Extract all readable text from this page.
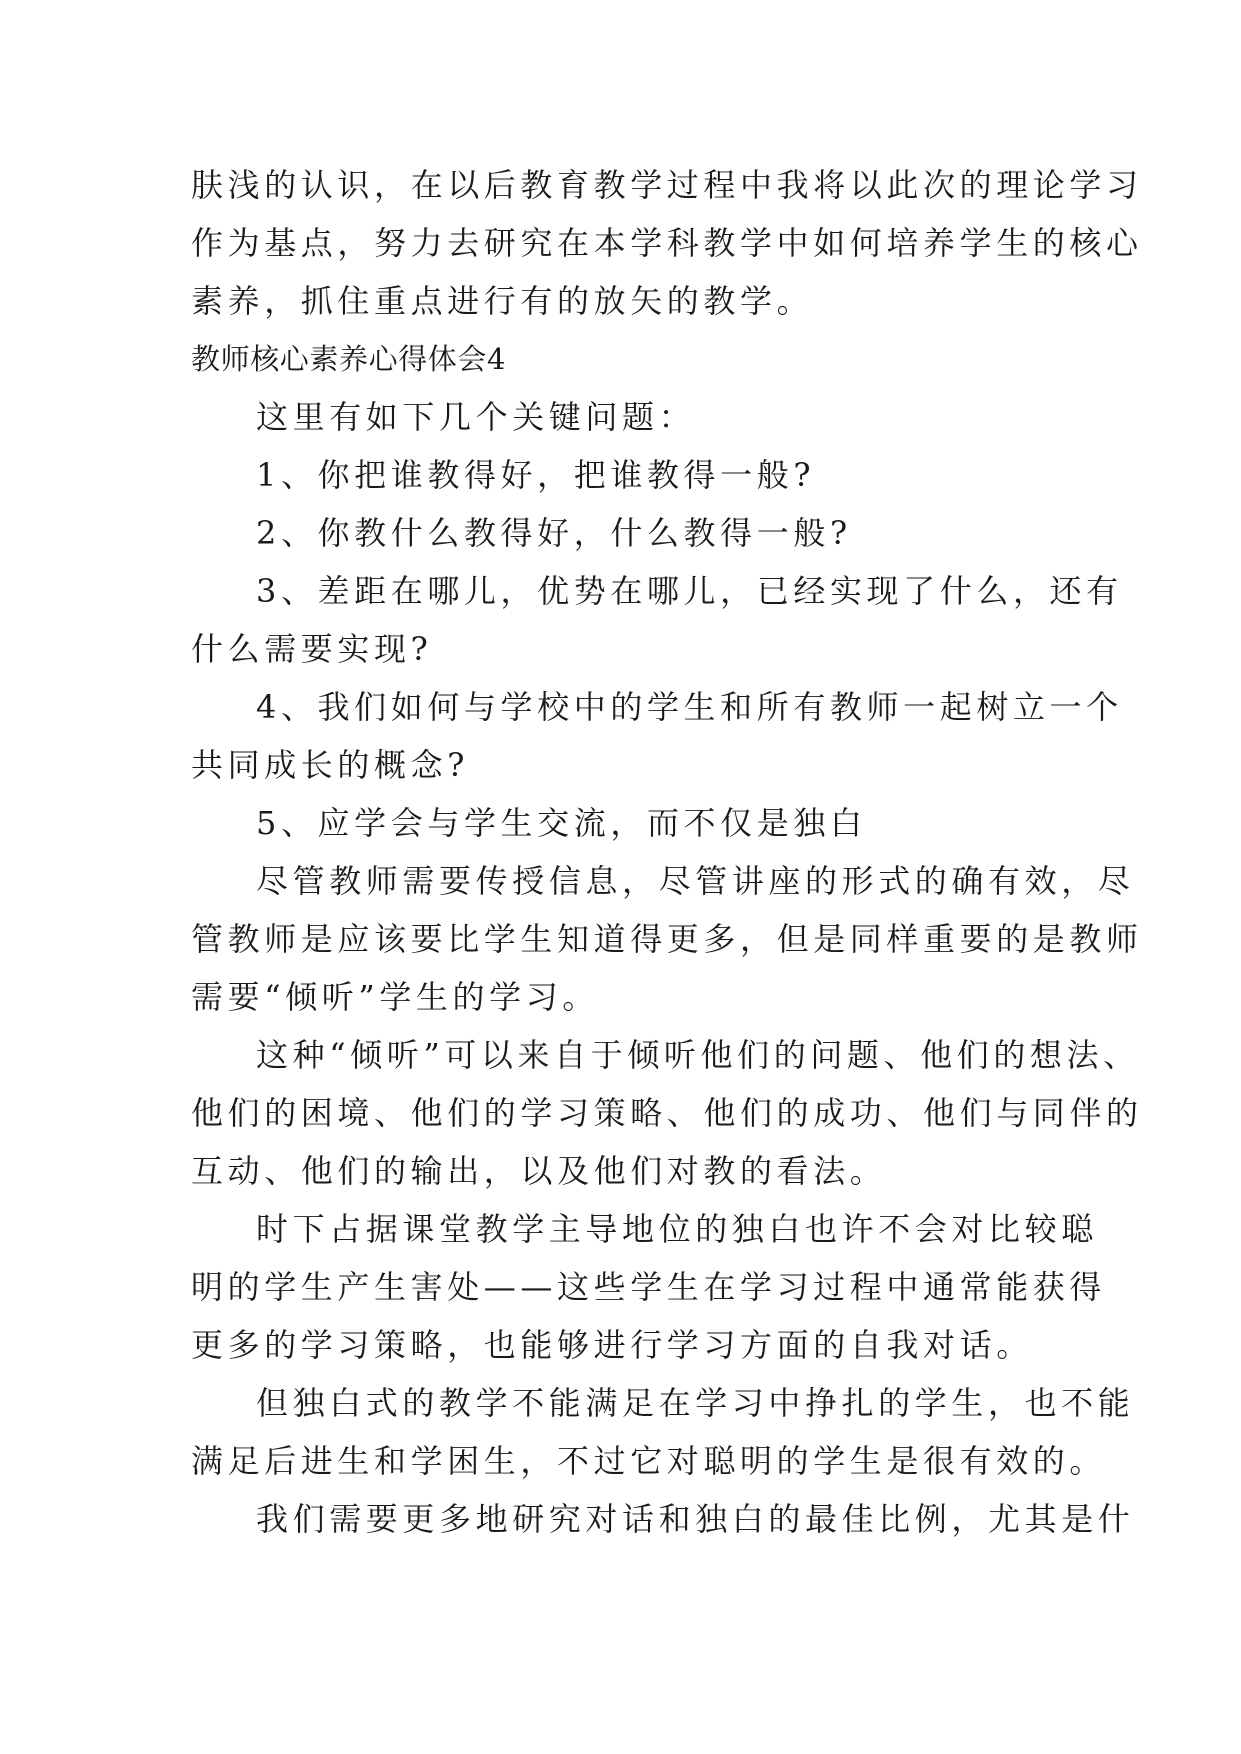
肤浅的认识，在以后教育教学过程中我将以此次的理论学习
作为基点，努力去研究在本学科教学中如何培养学生的核心
素养，抓住重点进行有的放矢的教学。
教师核心素养心得体会4
这里有如下几个关键问题：
1、你把谁教得好，把谁教得一般?
2、你教什么教得好，什么教得一般?
3、差距在哪儿，优势在哪儿，已经实现了什么，还有
什么需要实现?
4、我们如何与学校中的学生和所有教师一起树立一个
共同成长的概念?
5、应学会与学生交流，而不仅是独白
尽管教师需要传授信息，尽管讲座的形式的确有效，尽
管教师是应该要比学生知道得更多，但是同样重要的是教师
需要“倾听”学生的学习。
这种“倾听”可以来自于倾听他们的问题、他们的想法、
他们的困境、他们的学习策略、他们的成功、他们与同伴的
互动、他们的输出，以及他们对教的看法。
时下占据课堂教学主导地位的独白也许不会对比较聪
明的学生产生害处——这些学生在学习过程中通常能获得
更多的学习策略，也能够进行学习方面的自我对话。
但独白式的教学不能满足在学习中挣扎的学生，也不能
满足后进生和学困生，不过它对聪明的学生是很有效的。
我们需要更多地研究对话和独白的最佳比例，尤其是什
